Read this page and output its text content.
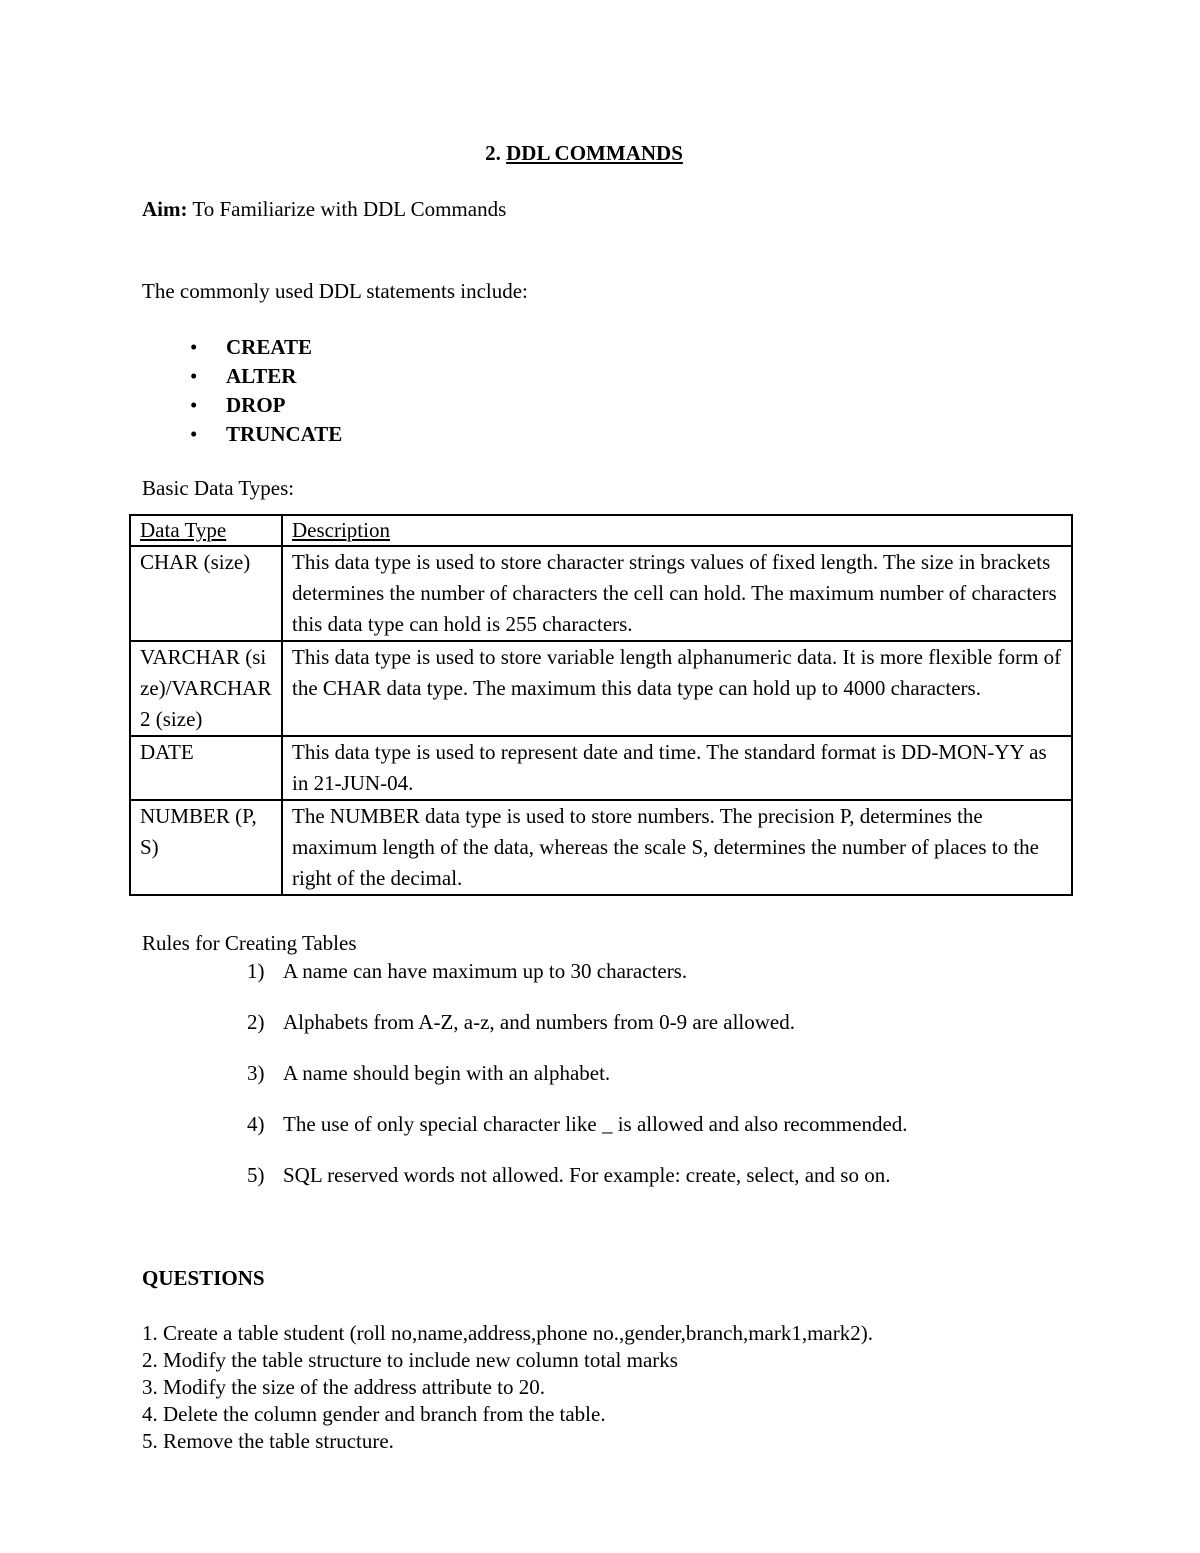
2. DDL COMMANDS
Aim: To Familiarize with DDL Commands
The commonly used DDL statements include:
• CREATE
• ALTER
• DROP
• TRUNCATE
Basic Data Types:
Data Type	Description
CHAR (size)	This data type is used to store character strings values of fixed length. The size in brackets determines the number of characters the cell can hold. The maximum number of characters this data type can hold is 255 characters.
VARCHAR (size)/VARCHAR2 (size)	This data type is used to store variable length alphanumeric data. It is more flexible form of the CHAR data type. The maximum this data type can hold up to 4000 characters.
DATE	This data type is used to represent date and time. The standard format is DD-MON-YY as in 21-JUN-04.
NUMBER (P, S)	The NUMBER data type is used to store numbers. The precision P, determines the maximum length of the data, whereas the scale S, determines the number of places to the right of the decimal.
Rules for Creating Tables
1) A name can have maximum up to 30 characters.
2) Alphabets from A-Z, a-z, and numbers from 0-9 are allowed.
3) A name should begin with an alphabet.
4) The use of only special character like _ is allowed and also recommended.
5) SQL reserved words not allowed. For example: create, select, and so on.
QUESTIONS
1. Create a table student (roll no,name,address,phone no.,gender,branch,mark1,mark2).
2. Modify the table structure to include new column total marks
3. Modify the size of the address attribute to 20.
4. Delete the column gender and branch from the table.
5. Remove the table structure.
